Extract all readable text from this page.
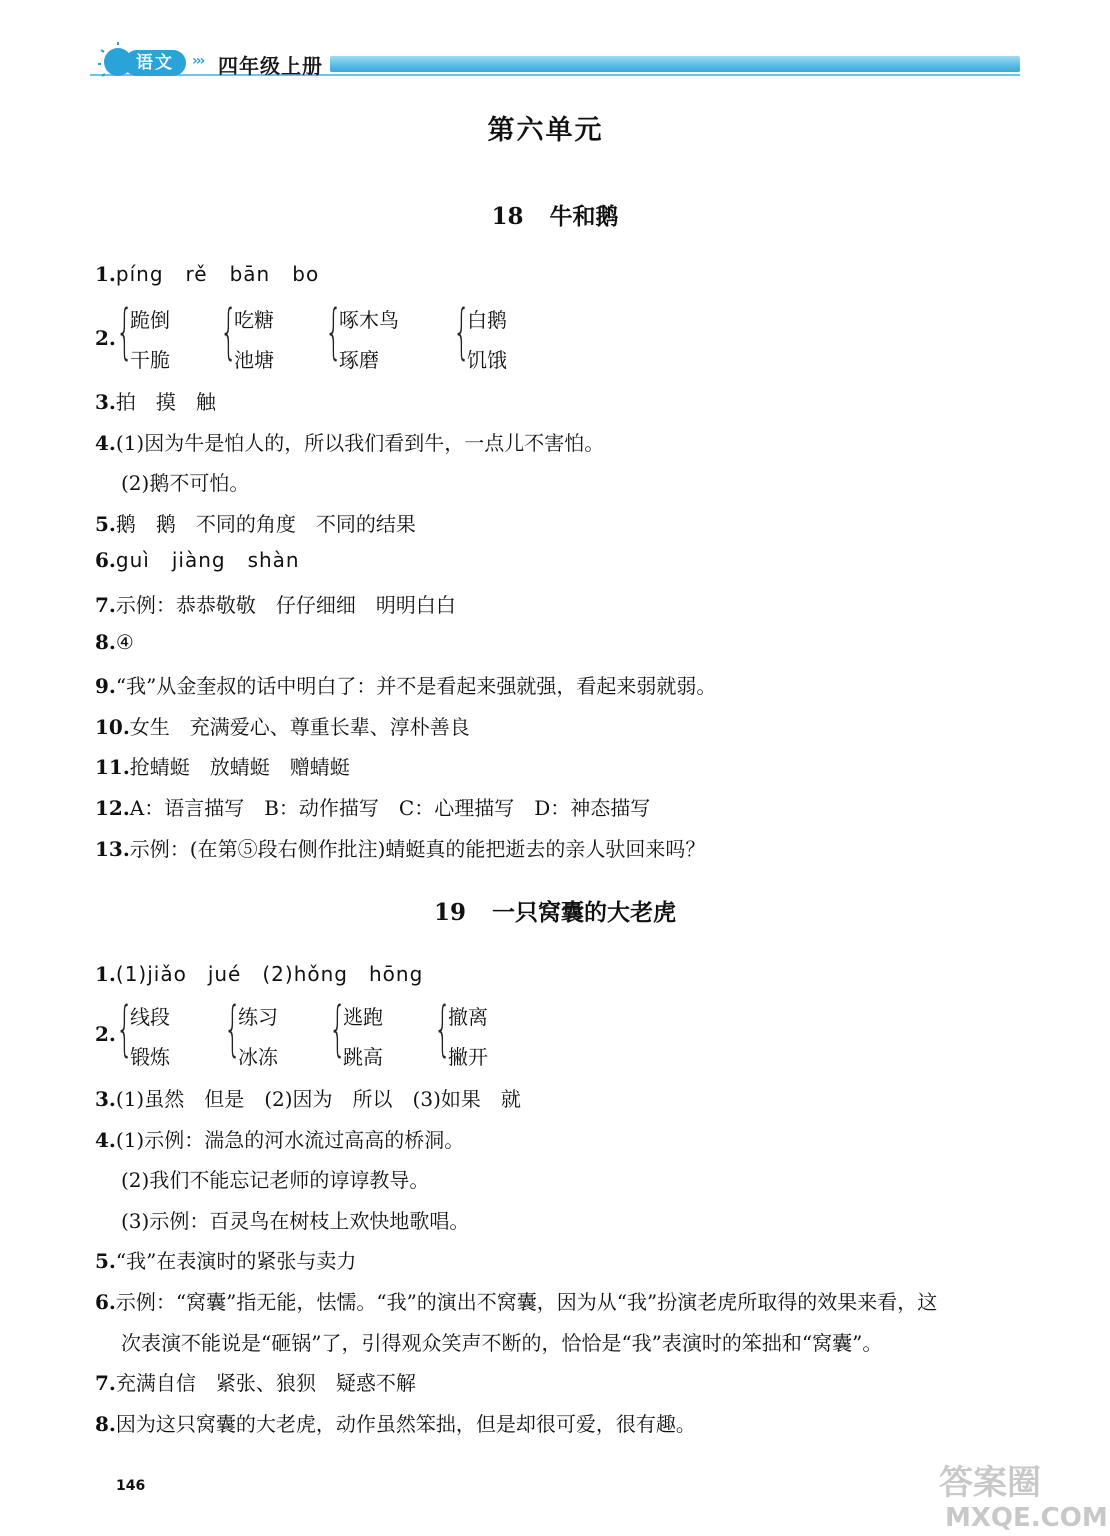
语文	››› 四年级上册
第六单元
18 牛和鹅
1.píng rě bān bo
2. {
跪倒
干脆 {
吃糖
池塘 {
啄木鸟
琢磨 {
白鹅
饥饿
3.拍　摸　触
4.(1)因为牛是怕人的，所以我们看到牛，一点儿不害怕。
(2)鹅不可怕。
5.鹅　鹅　不同的角度　不同的结果
6.guì jiàng shàn
7.示例：恭恭敬敬　仔仔细细　明明白白
8.④
9.“我”从金奎叔的话中明白了：并不是看起来强就强，看起来弱就弱。
10.女生　充满爱心、尊重长辈、淳朴善良
11.抢蜻蜓　放蜻蜓　赠蜻蜓
12.A：语言描写　B：动作描写　C：心理描写　D：神态描写
13.示例：(在第⑤段右侧作批注)蜻蜓真的能把逝去的亲人驮回来吗？
19 一只窝囊的大老虎
1.(1)jiǎo　jué　(2)hǒng　hōng
2. {
线段
锻炼 {
练习
冰冻 {
逃跑
跳高 {
撤离
撇开
3.(1)虽然　但是　(2)因为　所以　(3)如果　就
4.(1)示例：湍急的河水流过高高的桥洞。
(2)我们不能忘记老师的谆谆教导。
(3)示例：百灵鸟在树枝上欢快地歌唱。
5.“我”在表演时的紧张与卖力
6.示例：“窝囊”指无能，怯懦。“我”的演出不窝囊，因为从“我”扮演老虎所取得的效果来看，这
次表演不能说是“砸锅”了，引得观众笑声不断的，恰恰是“我”表演时的笨拙和“窝囊”。
7.充满自信　紧张、狼狈　疑惑不解
8.因为这只窝囊的大老虎，动作虽然笨拙，但是却很可爱，很有趣。
146	答案圈
MXQE.COM
